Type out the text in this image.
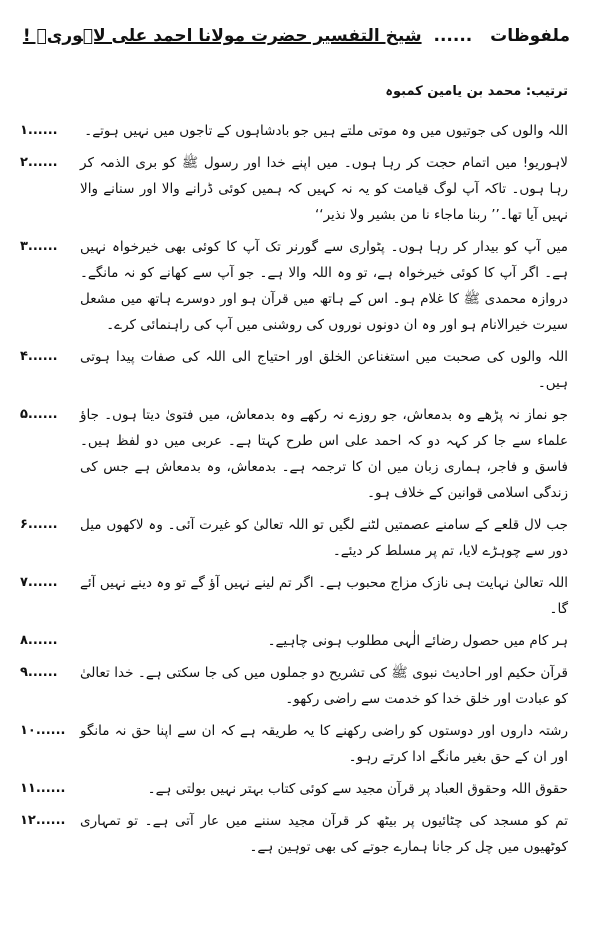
ملفوظات ...... شیخ التفسیر حضرت مولانا احمد علی لاہوریؒ !
ترتیب: محمد بن یامین کمبوہ
۱......	اللہ والوں کی جوتیوں میں وہ موتی ملتے ہیں جو بادشاہوں کے تاجوں میں نہیں ہوتے۔
۲......	لاہوریو! میں اتمام حجت کر رہا ہوں۔ میں اپنے خدا اور رسول ﷺ کو بری الذمہ کر رہا ہوں۔ تاکہ آپ لوگ قیامت کو یہ نہ کہیں کہ ہمیں کوئی ڈرانے والا اور سنانے والا نہیں آیا تھا۔’’ ربنا ماجاء نا من بشیر ولا نذیر‘‘
۳......	میں آپ کو بیدار کر رہا ہوں۔ پٹواری سے گورنر تک آپ کا کوئی بھی خیرخواہ نہیں ہے۔ اگر آپ کا کوئی خیرخواہ ہے، تو وہ اللہ والا ہے۔ جو آپ سے کھانے کو نہ مانگے۔ دروازہ محمدی ﷺ کا غلام ہو۔ اس کے ہاتھ میں قرآن ہو اور دوسرے ہاتھ میں مشعل سیرت خیرالانام ہو اور وہ ان دونوں نوروں کی روشنی میں آپ کی راہنمائی کرے۔
۴......	اللہ والوں کی صحبت میں استغناعن الخلق اور احتیاج الی اللہ کی صفات پیدا ہوتی ہیں۔
۵......	جو نماز نہ پڑھے وہ بدمعاش، جو روزے نہ رکھے وہ بدمعاش، میں فتویٰ دیتا ہوں۔ جاؤ علماء سے جا کر کہہ دو کہ احمد علی اس طرح کہتا ہے۔ عربی میں دو لفظ ہیں۔ فاسق و فاجر، ہماری زبان میں ان کا ترجمہ ہے۔ بدمعاش، وہ بدمعاش ہے جس کی زندگی اسلامی قوانین کے خلاف ہو۔
۶......	جب لال قلعے کے سامنے عصمتیں لٹنے لگیں تو اللہ تعالیٰ کو غیرت آئی۔ وہ لاکھوں میل دور سے چوہڑے لایا، تم پر مسلط کر دیئے۔
۷......	اللہ تعالیٰ نہایت ہی نازک مزاج محبوب ہے۔ اگر تم لینے نہیں آؤ گے تو وہ دینے نہیں آئے گا۔
۸......	ہر کام میں حصول رضائے الٰہی مطلوب ہونی چاہیے۔
۹......	قرآن حکیم اور احادیث نبوی ﷺ کی تشریح دو جملوں میں کی جا سکتی ہے۔ خدا تعالیٰ کو عبادت اور خلق خدا کو خدمت سے راضی رکھو۔
۱۰......	رشتہ داروں اور دوستوں کو راضی رکھنے کا یہ طریقہ ہے کہ ان سے اپنا حق نہ مانگو اور ان کے حق بغیر مانگے ادا کرتے رہو۔
۱۱......	حقوق اللہ وحقوق العباد پر قرآن مجید سے کوئی کتاب بہتر نہیں بولتی ہے۔
۱۲......	تم کو مسجد کی چٹائیوں پر بیٹھ کر قرآن مجید سننے میں عار آتی ہے۔ تو تمہاری کوٹھیوں میں چل کر جانا ہمارے جوتے کی بھی توہین ہے۔
